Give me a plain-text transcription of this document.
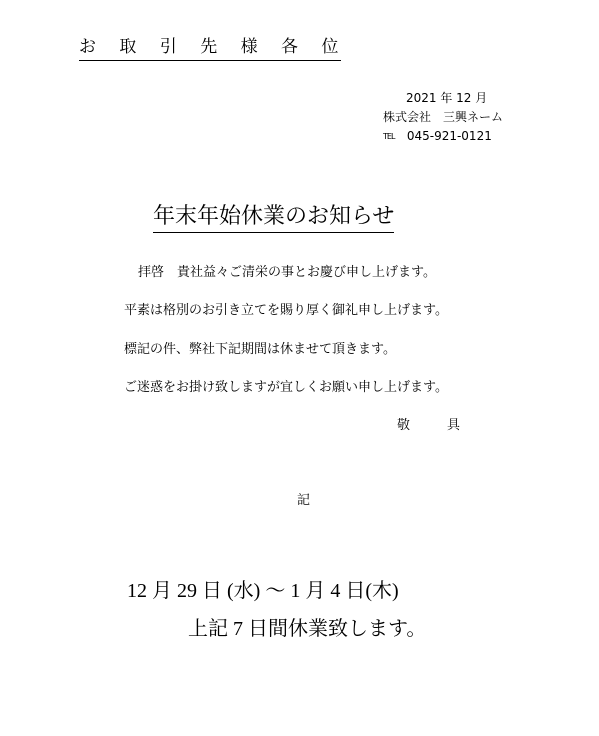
お 取 引 先 様 各 位
2021 年 12 月
株式会社　三興ネーム
TEL 045-921-0121
年末年始休業のお知らせ
拝啓　貴社益々ご清栄の事とお慶び申し上げます。
平素は格別のお引き立てを賜り厚く御礼申し上げます。
標記の件、弊社下記期間は休ませて頂きます。
ご迷惑をお掛け致しますが宜しくお願い申し上げます。
敬　具
記
12 月 29 日 (水) 〜 1 月 4 日(木)
上記 7 日間休業致します。
